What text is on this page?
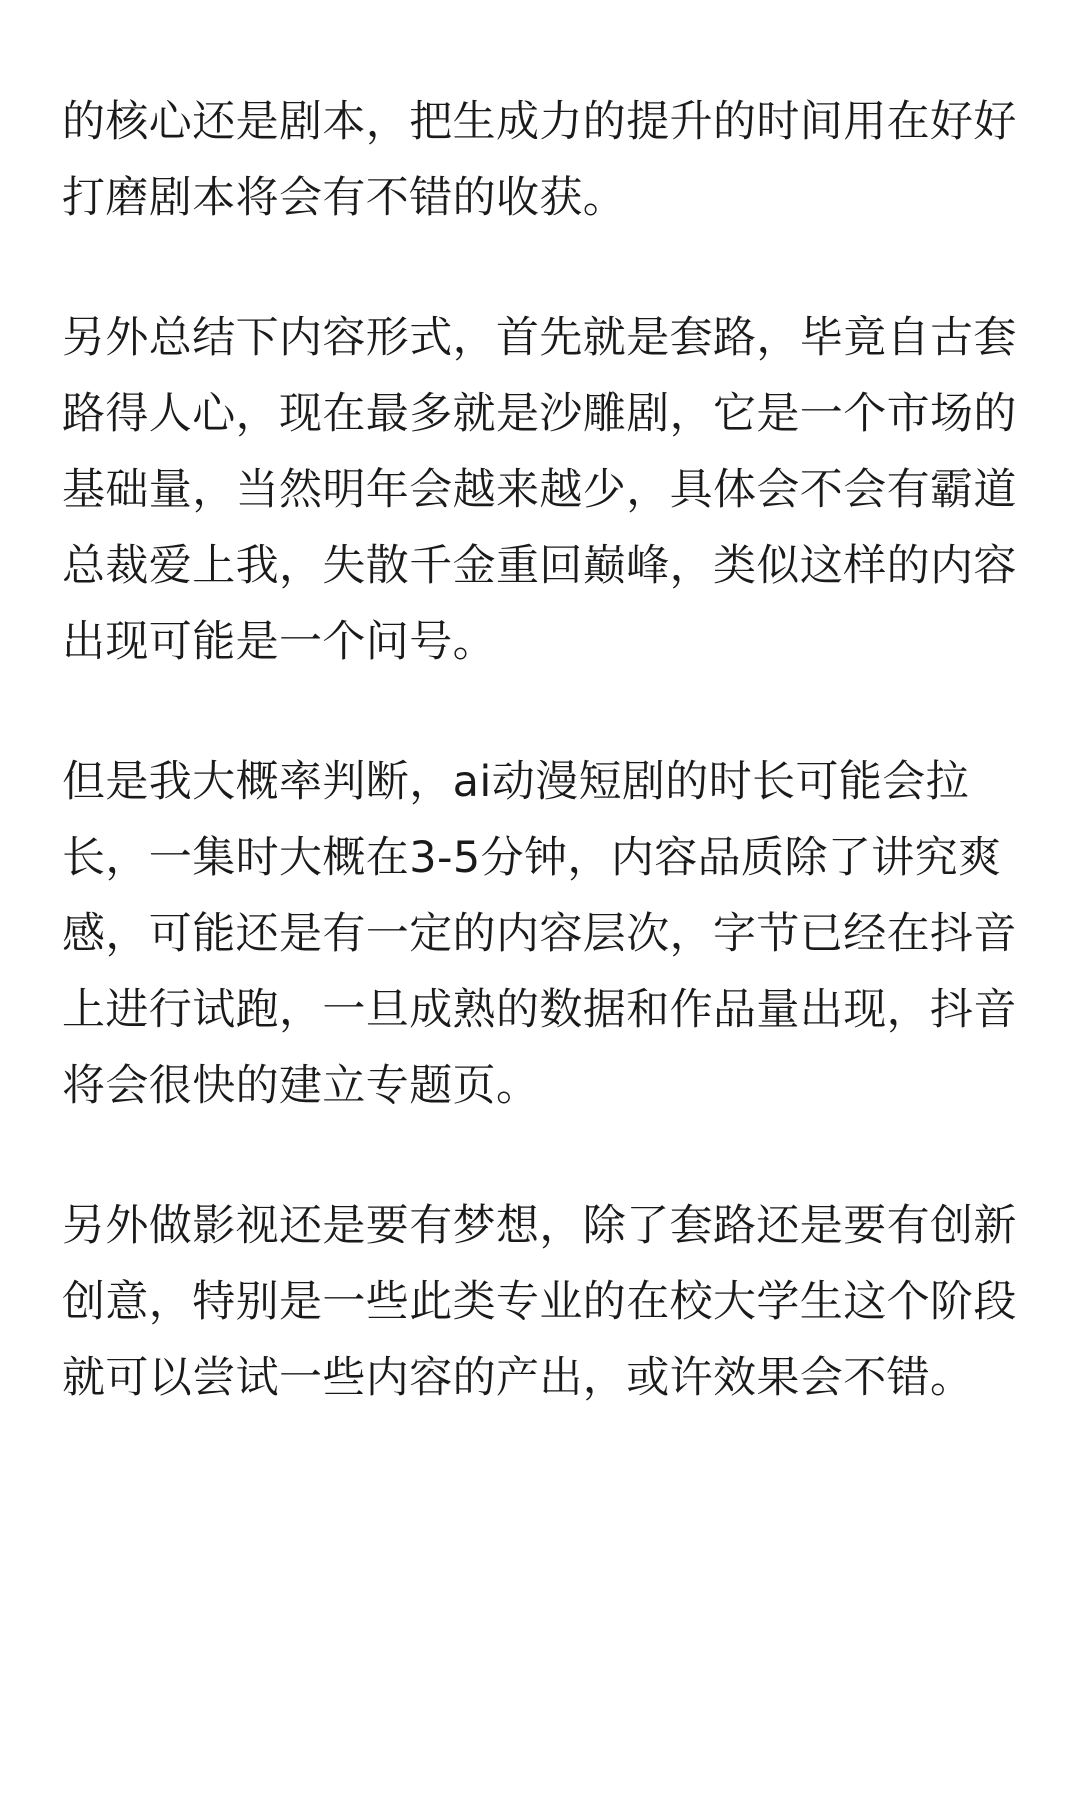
的核心还是剧本，把生成力的提升的时间用在好好
打磨剧本将会有不错的收获。

另外总结下内容形式，首先就是套路，毕竟自古套
路得人心，现在最多就是沙雕剧，它是一个市场的
基础量，当然明年会越来越少，具体会不会有霸道
总裁爱上我，失散千金重回巅峰，类似这样的内容
出现可能是一个问号。

但是我大概率判断，ai动漫短剧的时长可能会拉
长，一集时大概在3-5分钟，内容品质除了讲究爽
感，可能还是有一定的内容层次，字节已经在抖音
上进行试跑，一旦成熟的数据和作品量出现，抖音
将会很快的建立专题页。

另外做影视还是要有梦想，除了套路还是要有创新
创意，特别是一些此类专业的在校大学生这个阶段
就可以尝试一些内容的产出，或许效果会不错。
